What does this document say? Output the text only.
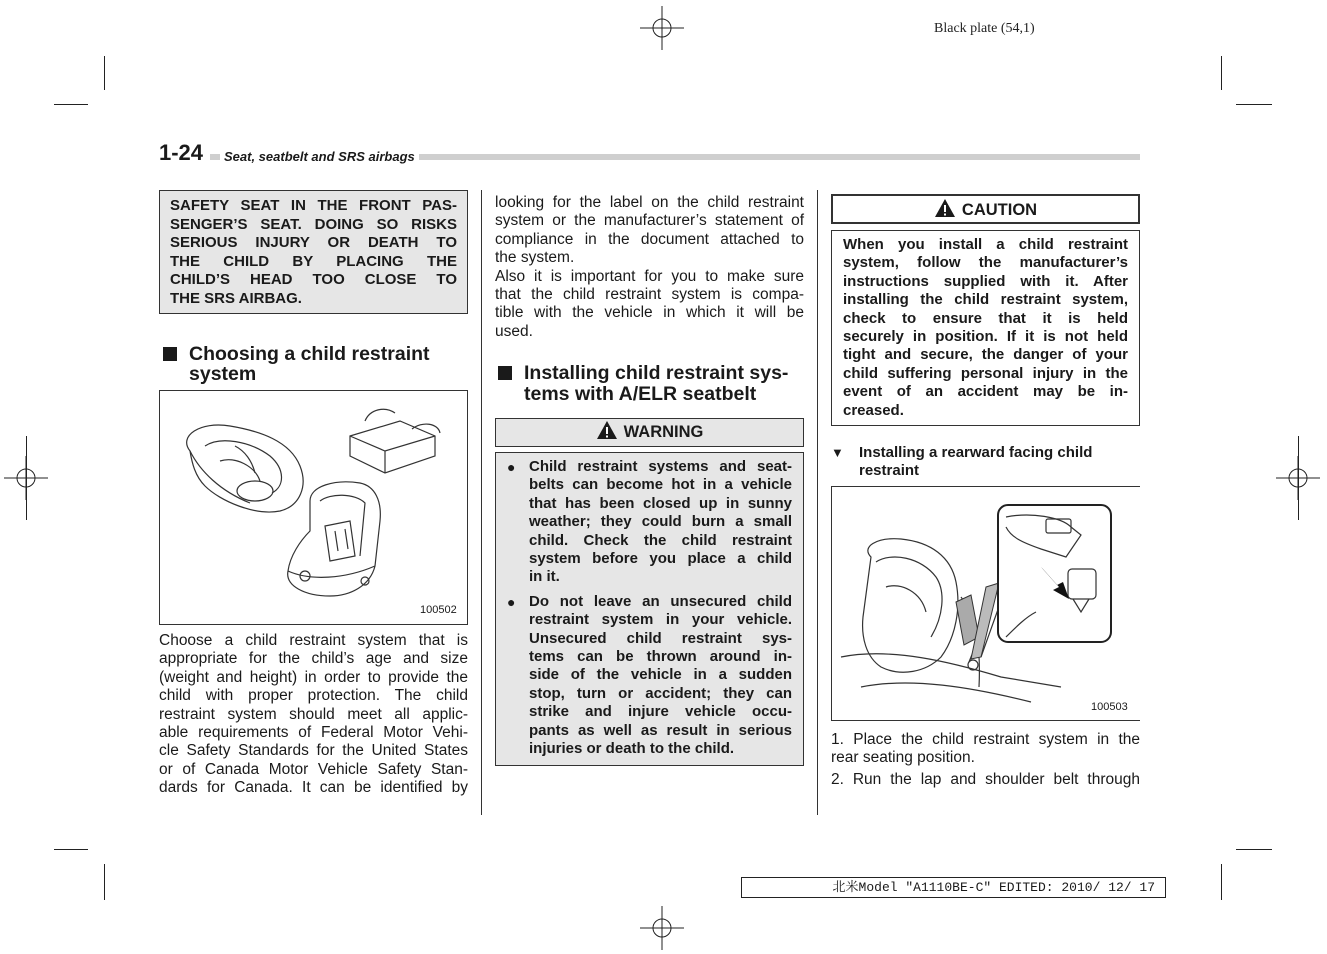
Black plate (54,1)
1-24	Seat, seatbelt and SRS airbags
SAFETY SEAT IN THE FRONT PAS-
SENGER’S SEAT. DOING SO RISKS
SERIOUS INJURY OR DEATH TO
THE CHILD BY PLACING THE
CHILD’S HEAD TOO CLOSE TO
THE SRS AIRBAG.
Choosing a child restraint
system
100502

Choose a child restraint system that is

appropriate for the child’s age and size

(weight and height) in order to provide the

child with proper protection. The child

restraint system should meet all applic-

able requirements of Federal Motor Vehi-

cle Safety Standards for the United States

or of Canada Motor Vehicle Safety Stan-

dards for Canada. It can be identified by

looking for the label on the child restraint

system or the manufacturer’s statement of

compliance in the document attached to

the system.

Also it is important for you to make sure

that the child restraint system is compa-

tible with the vehicle in which it will be

used.

Installing child restraint sys-
tems with A/ELR seatbelt
WARNING
● Child restraint systems and seat-
belts can become hot in a vehicle
that has been closed up in sunny
weather; they could burn a small
child. Check the child restraint
system before you place a child
in it.
● Do not leave an unsecured child
restraint system in your vehicle.
Unsecured child restraint sys-
tems can be thrown around in-
side of the vehicle in a sudden
stop, turn or accident; they can
strike and injure vehicle occu-
pants as well as result in serious
injuries or death to the child.
CAUTION
When you install a child restraint
system, follow the manufacturer’s
instructions supplied with it. After
installing the child restraint system,
check to ensure that it is held
securely in position. If it is not held
tight and secure, the danger of your
child suffering personal injury in the
event of an accident may be in-
creased.
▼ Installing a rearward facing child
restraint
100503

1. Place the child restraint system in the

rear seating position.

2. Run the lap and shoulder belt through

北米Model "A1110BE-C" EDITED: 2010/ 12/ 17
